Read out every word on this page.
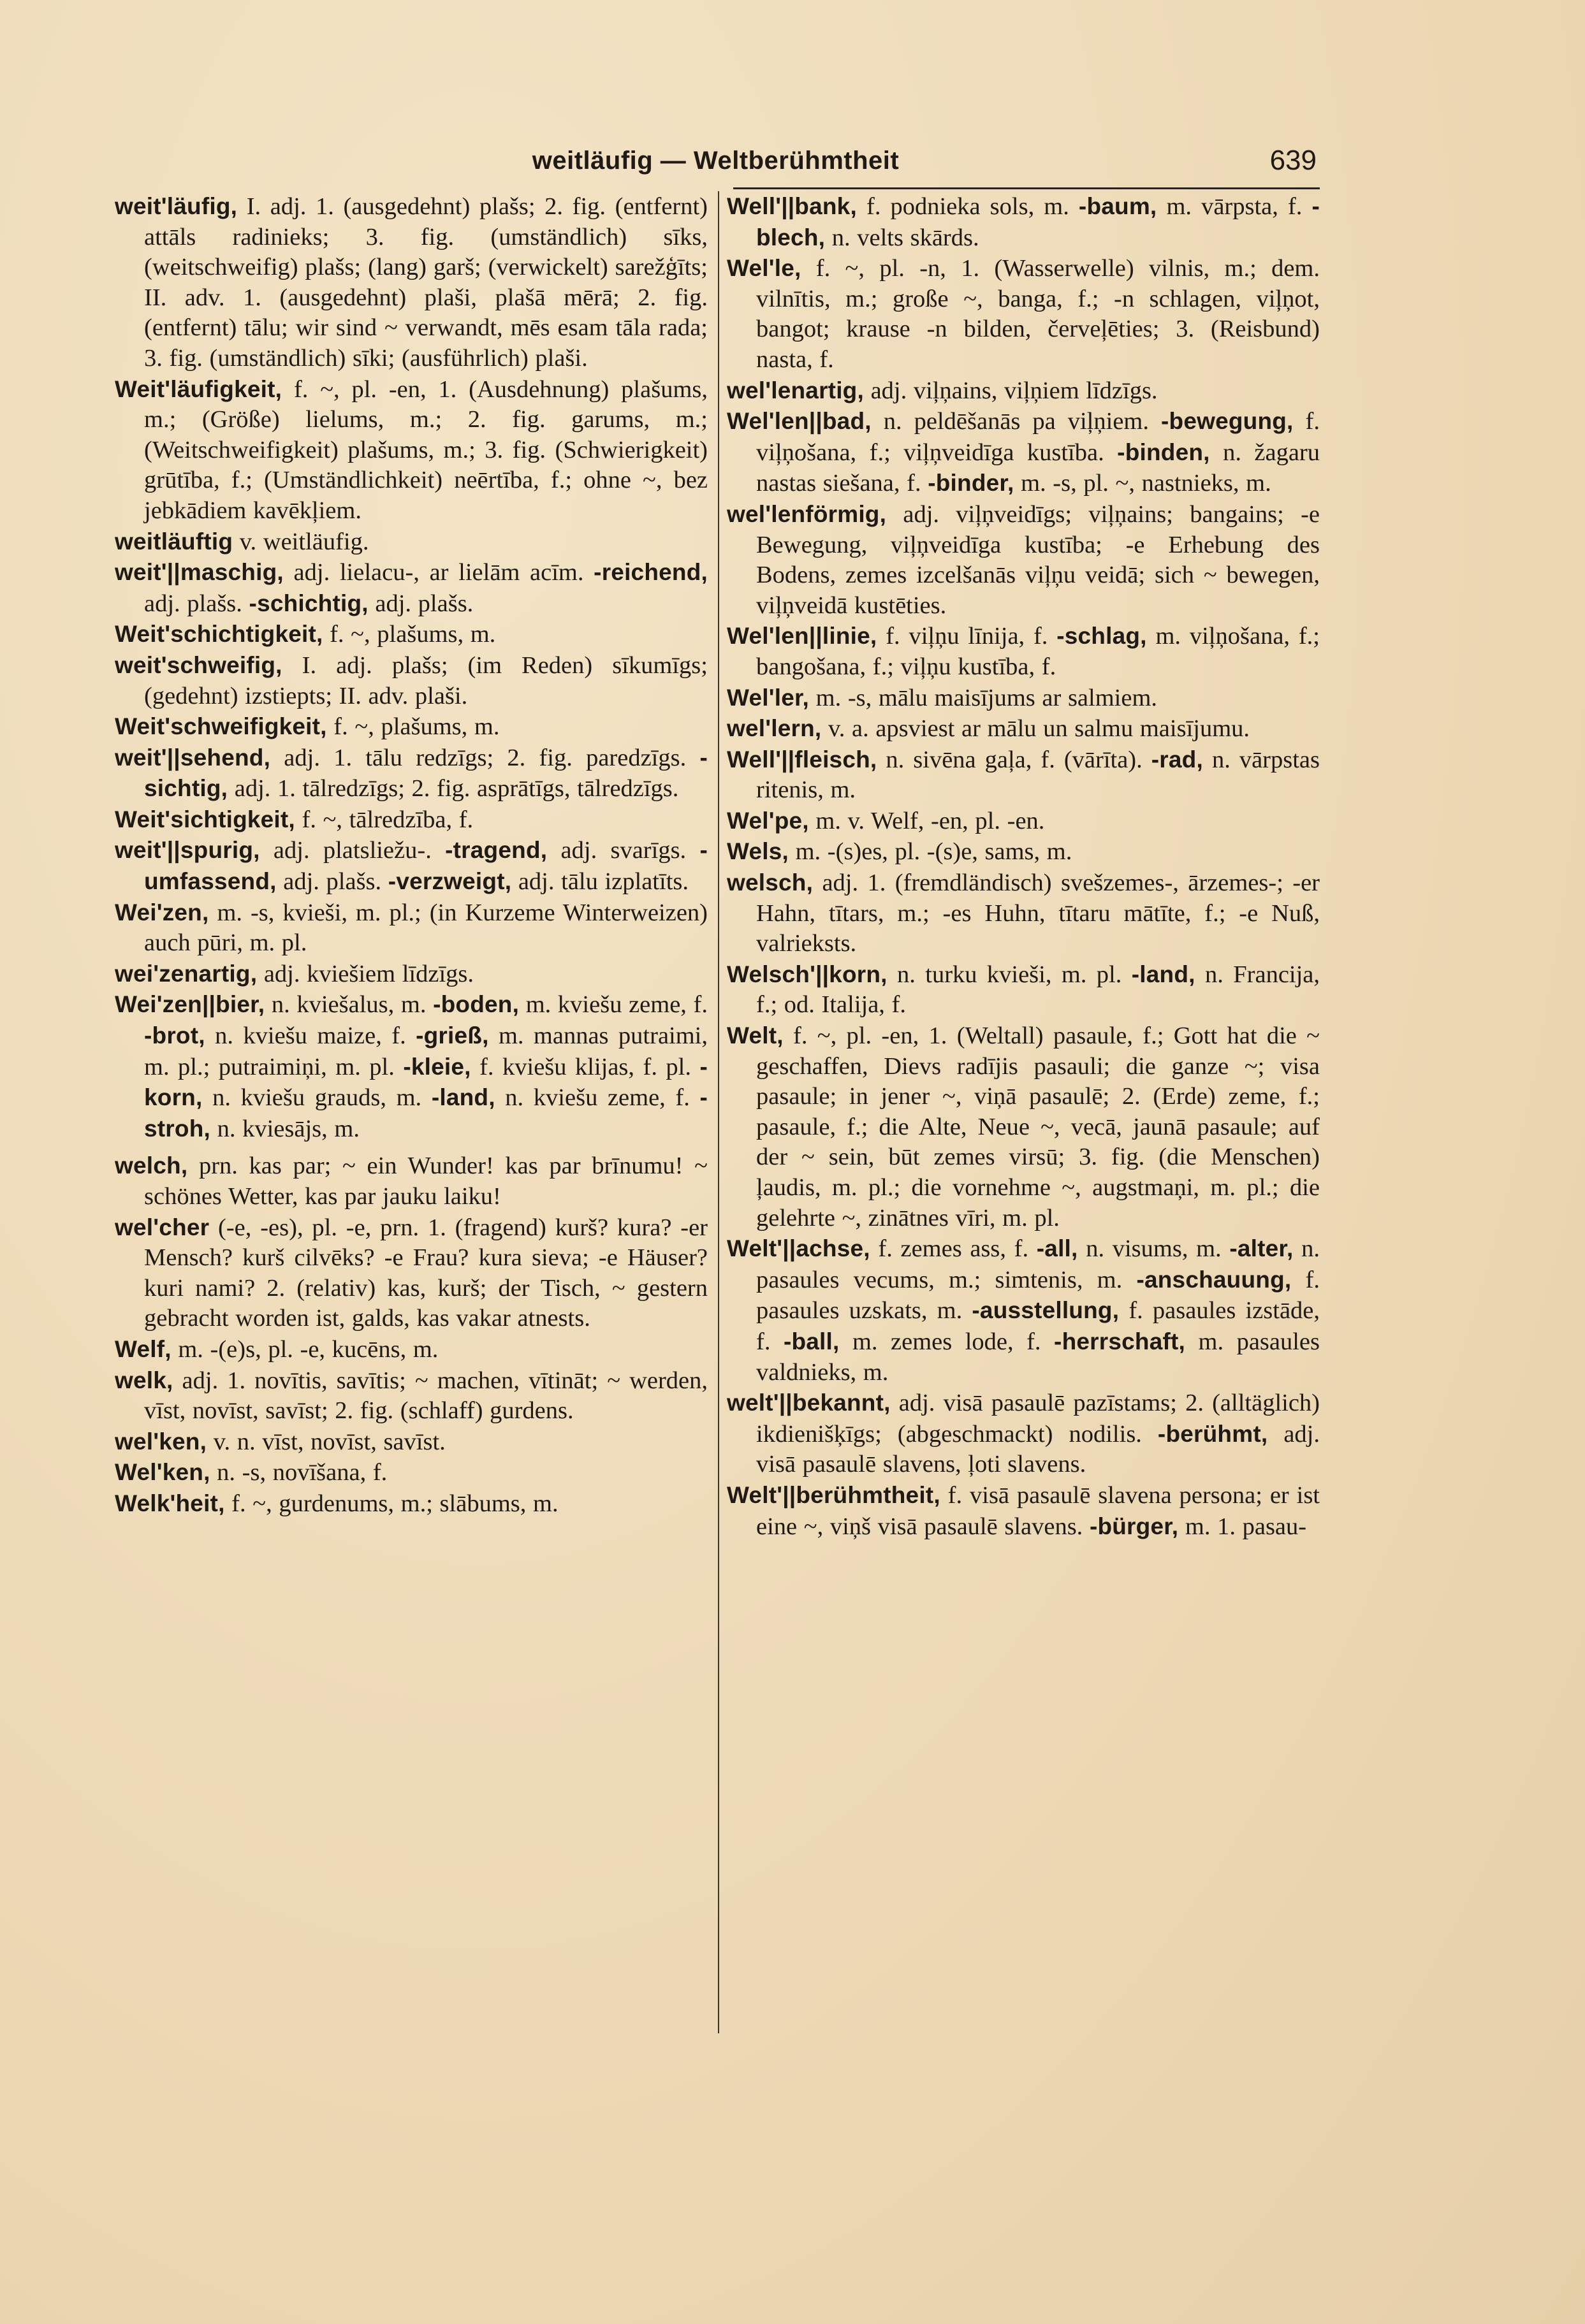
weitläufig — Weltberühmtheit	639

weit'läufig, I. adj. 1. (ausgedehnt) plašs; 2. fig. (entfernt) attāls radinieks; 3. fig. (umständlich) sīks, (weitschweifig) plašs; (lang) garš; (verwickelt) sarežģīts; II. adv. 1. (ausgedehnt) plaši, plašā mērā; 2. fig. (entfernt) tālu; wir sind ~ verwandt, mēs esam tāla rada; 3. fig. (umständlich) sīki; (ausführlich) plaši.

Weit'läufigkeit, f. ~, pl. -en, 1. (Ausdehnung) plašums, m.; (Größe) lielums, m.; 2. fig. garums, m.; (Weitschweifigkeit) plašums, m.; 3. fig. (Schwierigkeit) grūtība, f.; (Umständlichkeit) neērtība, f.; ohne ~, bez jebkādiem kavēkļiem.

weitläuftig v. weitläufig.

weit'||maschig, adj. lielacu-, ar lielām acīm. -reichend, adj. plašs. -schichtig, adj. plašs.

Weit'schichtigkeit, f. ~, plašums, m.

weit'schweifig, I. adj. plašs; (im Reden) sīkumīgs; (gedehnt) izstiepts; II. adv. plaši.

Weit'schweifigkeit, f. ~, plašums, m.

weit'||sehend, adj. 1. tālu redzīgs; 2. fig. paredzīgs. -sichtig, adj. 1. tālredzīgs; 2. fig. asprātīgs, tālredzīgs.

Weit'sichtigkeit, f. ~, tālredzība, f.

weit'||spurig, adj. platsliežu-. -tragend, adj. svarīgs. -umfassend, adj. plašs. -verzweigt, adj. tālu izplatīts.

Wei'zen, m. -s, kvieši, m. pl.; (in Kurzeme Winterweizen) auch pūri, m. pl.

wei'zenartig, adj. kviešiem līdzīgs.

Wei'zen||bier, n. kviešalus, m. -boden, m. kviešu zeme, f. -brot, n. kviešu maize, f. -grieß, m. mannas putraimi, m. pl.; putraimiņi, m. pl. -kleie, f. kviešu klijas, f. pl. -korn, n. kviešu grauds, m. -land, n. kviešu zeme, f. -stroh, n. kviesājs, m.

welch, prn. kas par; ~ ein Wunder! kas par brīnumu! ~ schönes Wetter, kas par jauku laiku!

wel'cher (-e, -es), pl. -e, prn. 1. (fragend) kurš? kura? -er Mensch? kurš cilvēks? -e Frau? kura sieva; -e Häuser? kuri nami? 2. (relativ) kas, kurš; der Tisch, ~ gestern gebracht worden ist, galds, kas vakar atnests.

Welf, m. -(e)s, pl. -e, kucēns, m.

welk, adj. 1. novītis, savītis; ~ machen, vītināt; ~ werden, vīst, novīst, savīst; 2. fig. (schlaff) gurdens.

wel'ken, v. n. vīst, novīst, savīst.

Wel'ken, n. -s, novīšana, f.

Welk'heit, f. ~, gurdenums, m.; slābums, m.

Well'||bank, f. podnieka sols, m. -baum, m. vārpsta, f. -blech, n. velts skārds.

Wel'le, f. ~, pl. -n, 1. (Wasserwelle) vilnis, m.; dem. vilnītis, m.; große ~, banga, f.; -n schlagen, viļņot, bangot; krause -n bilden, červeļēties; 3. (Reisbund) nasta, f.

wel'lenartig, adj. viļņains, viļņiem līdzīgs.

Wel'len||bad, n. peldēšanās pa viļņiem. -bewegung, f. viļņošana, f.; viļņveidīga kustība. -binden, n. žagaru nastas siešana, f. -binder, m. -s, pl. ~, nastnieks, m.

wel'lenförmig, adj. viļņveidīgs; viļņains; bangains; -e Bewegung, viļņveidīga kustība; -e Erhebung des Bodens, zemes izcelšanās viļņu veidā; sich ~ bewegen, viļņveidā kustēties.

Wel'len||linie, f. viļņu līnija, f. -schlag, m. viļņošana, f.; bangošana, f.; viļņu kustība, f.

Wel'ler, m. -s, mālu maisījums ar salmiem.

wel'lern, v. a. apsviest ar mālu un salmu maisījumu.

Well'||fleisch, n. sivēna gaļa, f. (vārīta). -rad, n. vārpstas ritenis, m.

Wel'pe, m. v. Welf, -en, pl. -en.

Wels, m. -(s)es, pl. -(s)e, sams, m.

welsch, adj. 1. (fremdländisch) svešzemes-, ārzemes-; -er Hahn, tītars, m.; -es Huhn, tītaru mātīte, f.; -e Nuß, valrieksts.

Welsch'||korn, n. turku kvieši, m. pl. -land, n. Francija, f.; od. Italija, f.

Welt, f. ~, pl. -en, 1. (Weltall) pasaule, f.; Gott hat die ~ geschaffen, Dievs radījis pasauli; die ganze ~; visa pasaule; in jener ~, viņā pasaulē; 2. (Erde) zeme, f.; pasaule, f.; die Alte, Neue ~, vecā, jaunā pasaule; auf der ~ sein, būt zemes virsū; 3. fig. (die Menschen) ļaudis, m. pl.; die vornehme ~, augstmaņi, m. pl.; die gelehrte ~, zinātnes vīri, m. pl.

Welt'||achse, f. zemes ass, f. -all, n. visums, m. -alter, n. pasaules vecums, m.; simtenis, m. -anschauung, f. pasaules uzskats, m. -ausstellung, f. pasaules izstāde, f. -ball, m. zemes lode, f. -herrschaft, m. pasaules valdnieks, m.

welt'||bekannt, adj. visā pasaulē pazīstams; 2. (alltäglich) ikdienišķīgs; (abgeschmackt) nodilis. -berühmt, adj. visā pasaulē slavens, ļoti slavens.

Welt'||berühmtheit, f. visā pasaulē slavena persona; er ist eine ~, viņš visā pasaulē slavens. -bürger, m. 1. pasau-
